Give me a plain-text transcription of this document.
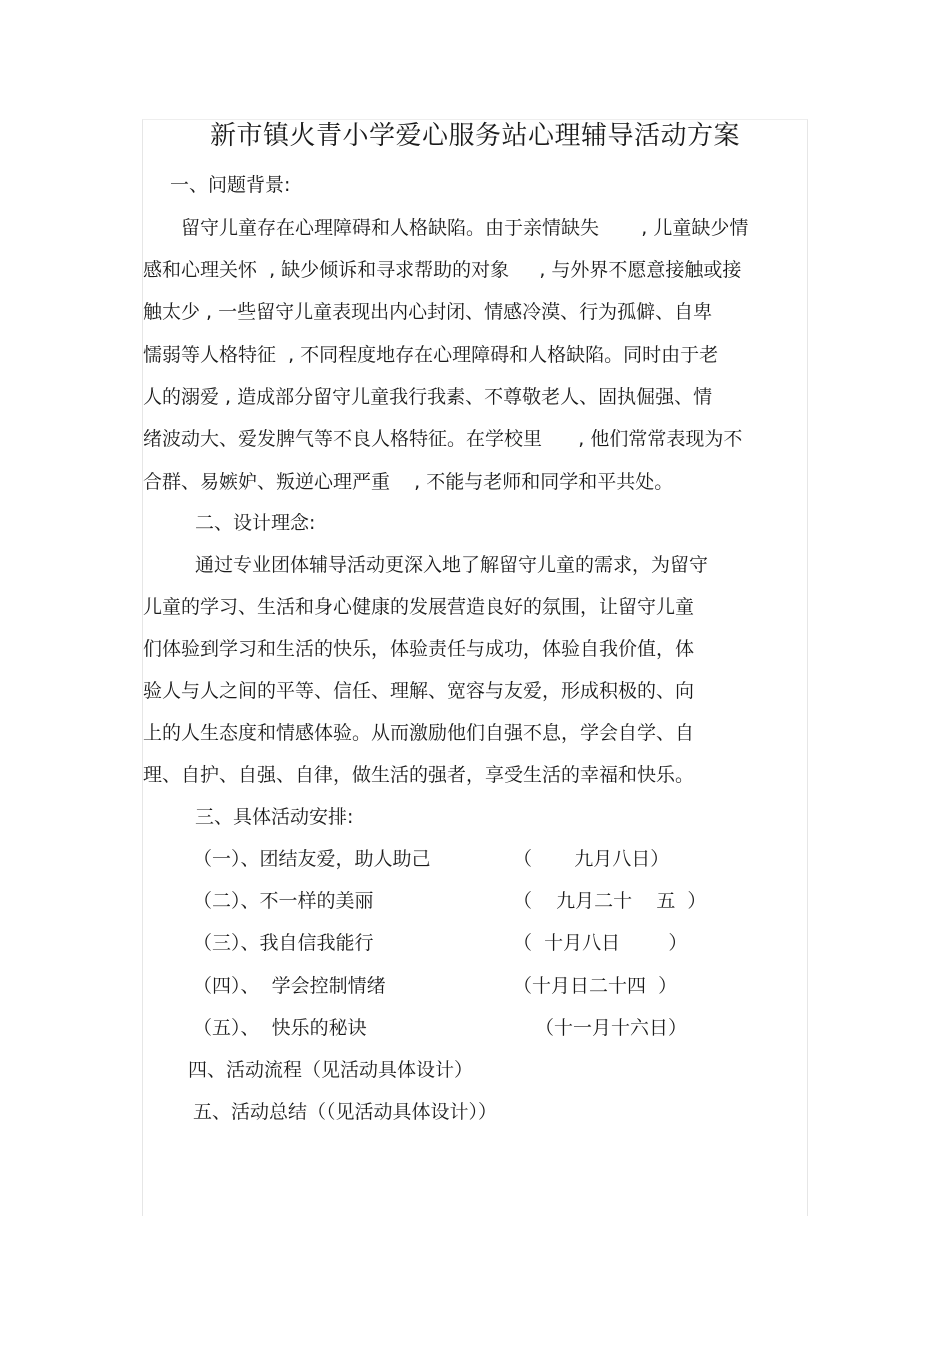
新市镇火青小学爱心服务站心理辅导活动方案
一、问题背景:
留守儿童存在心理障碍和人格缺陷。由于亲情缺失       , 儿童缺少情
感和心理关怀  , 缺少倾诉和寻求帮助的对象     , 与外界不愿意接触或接
触太少 , 一些留守儿童表现出内心封闭、情感冷漠、行为孤僻、自卑
懦弱等人格特征  , 不同程度地存在心理障碍和人格缺陷。同时由于老
人的溺爱 , 造成部分留守儿童我行我素、不尊敬老人、固执倔强、情
绪波动大、爱发脾气等不良人格特征。在学校里      , 他们常常表现为不
合群、易嫉妒、叛逆心理严重    , 不能与老师和同学和平共处。
二、设计理念:
通过专业团体辅导活动更深入地了解留守儿童的需求，为留守
儿童的学习、生活和身心健康的发展营造良好的氛围，让留守儿童
们体验到学习和生活的快乐，体验责任与成功，体验自我价值，体
验人与人之间的平等、信任、理解、宽容与友爱，形成积极的、向
上的人生态度和情感体验。从而激励他们自强不息，学会自学、自
理、自护、自强、自律，做生活的强者，享受生活的幸福和快乐。
三、具体活动安排:
（一）、团结友爱，助人助己	（       九月八日）
（二）、不一样的美丽	（    九月二十    五  ）
（三）、我自信我能行	（  十月八日        ）
（四）、  学会控制情绪	（十月日二十四  ）
（五）、  快乐的秘诀	（十一月十六日）
四、活动流程（见活动具体设计）
五、活动总结（（见活动具体设计））
